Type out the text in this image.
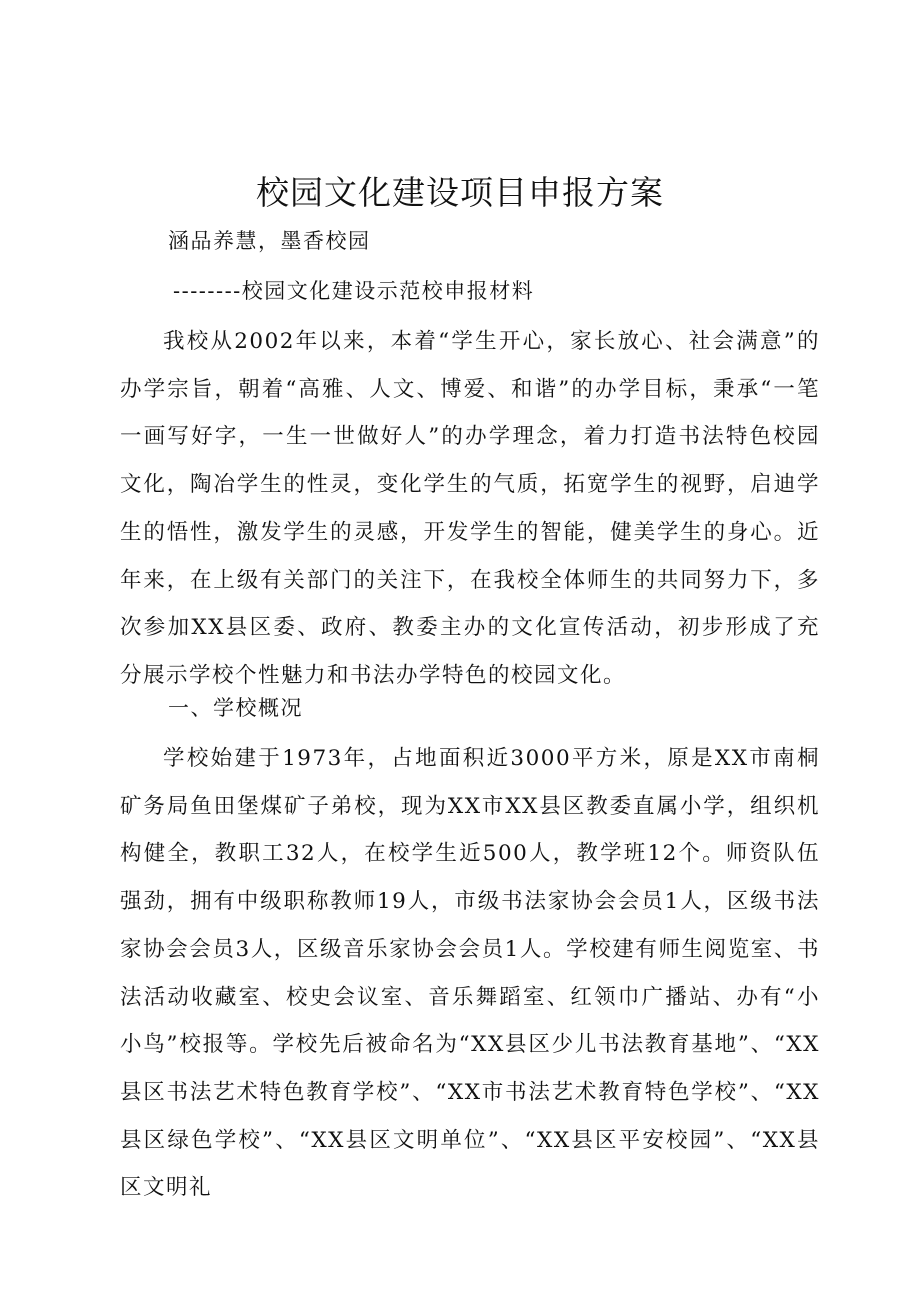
校园文化建设项目申报方案
涵品养慧，墨香校园
--------校园文化建设示范校申报材料

我校从2002年以来，本着“学生开心，家长放心、社会满意”的办学宗旨，朝着“高雅、人文、博爱、和谐”的办学目标，秉承“一笔一画写好字，一生一世做好人”的办学理念，着力打造书法特色校园文化，陶冶学生的性灵，变化学生的气质，拓宽学生的视野，启迪学生的悟性，激发学生的灵感，开发学生的智能，健美学生的身心。近年来，在上级有关部门的关注下，在我校全体师生的共同努力下，多次参加XX县区委、政府、教委主办的文化宣传活动，初步形成了充分展示学校个性魅力和书法办学特色的校园文化。

一、学校概况

学校始建于1973年，占地面积近3000平方米，原是XX市南桐矿务局鱼田堡煤矿子弟校，现为XX市XX县区教委直属小学，组织机构健全，教职工32人，在校学生近500人，教学班12个。师资队伍强劲，拥有中级职称教师19人，市级书法家协会会员1人，区级书法家协会会员3人，区级音乐家协会会员1人。学校建有师生阅览室、书法活动收藏室、校史会议室、音乐舞蹈室、红领巾广播站、办有“小小鸟”校报等。学校先后被命名为“XX县区少儿书法教育基地”、“XX县区书法艺术特色教育学校”、“XX市书法艺术教育特色学校”、“XX县区绿色学校”、“XX县区文明单位”、“XX县区平安校园”、“XX县区文明礼
